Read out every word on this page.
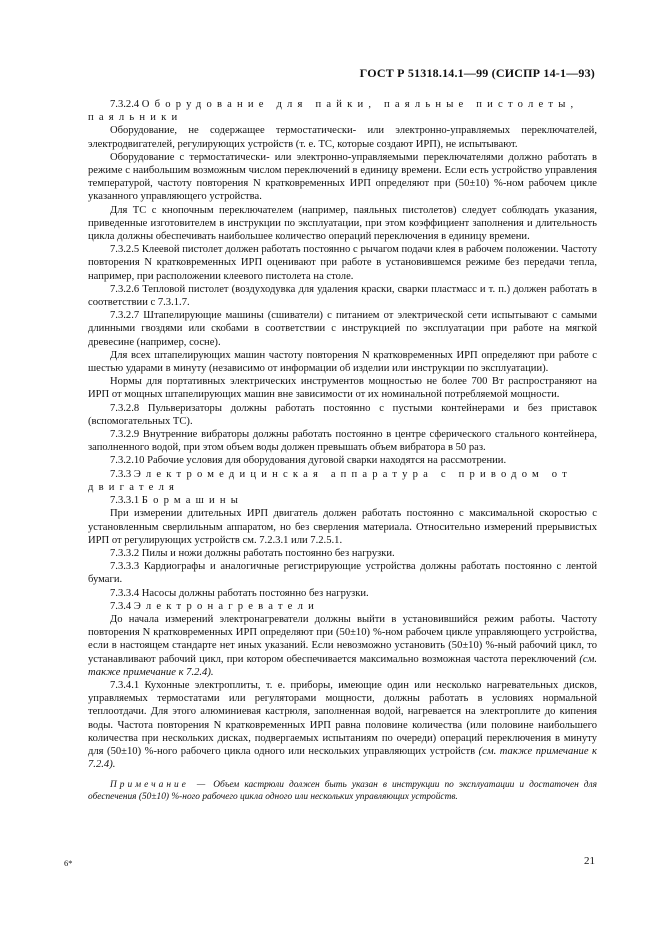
ГОСТ Р 51318.14.1—99 (СИСПР 14-1—93)

7.3.2.4 Оборудование для пайки, паяльные пистолеты, паяльники

Оборудование, не содержащее термостатически- или электронно-управляемых переключателей, электродвигателей, регулирующих устройств (т. е. ТС, которые создают ИРП), не испытывают.

Оборудование с термостатически- или электронно-управляемыми переключателями должно работать в режиме с наибольшим возможным числом переключений в единицу времени. Если есть устройство управления температурой, частоту повторения N кратковременных ИРП определяют при (50±10) %-ном рабочем цикле указанного управляющего устройства.

Для ТС с кнопочным переключателем (например, паяльных пистолетов) следует соблюдать указания, приведенные изготовителем в инструкции по эксплуатации, при этом коэффициент заполнения и длительность цикла должны обеспечивать наибольшее количество операций переключения в единицу времени.

7.3.2.5 Клеевой пистолет должен работать постоянно с рычагом подачи клея в рабочем положении. Частоту повторения N кратковременных ИРП оценивают при работе в установившемся режиме без передачи тепла, например, при расположении клеевого пистолета на столе.

7.3.2.6 Тепловой пистолет (воздуходувка для удаления краски, сварки пластмасс и т. п.) должен работать в соответствии с 7.3.1.7.

7.3.2.7 Штапелирующие машины (сшиватели) с питанием от электрической сети испытывают с самыми длинными гвоздями или скобами в соответствии с инструкцией по эксплуатации при работе на мягкой древесине (например, сосне).

Для всех штапелирующих машин частоту повторения N кратковременных ИРП определяют при работе с шестью ударами в минуту (независимо от информации об изделии или инструкции по эксплуатации).

Нормы для портативных электрических инструментов мощностью не более 700 Вт распространяют на ИРП от мощных штапелирующих машин вне зависимости от их номинальной потребляемой мощности.

7.3.2.8 Пульверизаторы должны работать постоянно с пустыми контейнерами и без приставок (вспомогательных ТС).

7.3.2.9 Внутренние вибраторы должны работать постоянно в центре сферического стального контейнера, заполненного водой, при этом объем воды должен превышать объем вибратора в 50 раз.

7.3.2.10 Рабочие условия для оборудования дуговой сварки находятся на рассмотрении.

7.3.3 Электромедицинская аппаратура с приводом от двигателя

7.3.3.1 Бормашины

При измерении длительных ИРП двигатель должен работать постоянно с максимальной скоростью с установленным сверлильным аппаратом, но без сверления материала. Относительно измерений прерывистых ИРП от регулирующих устройств см. 7.2.3.1 или 7.2.5.1.

7.3.3.2 Пилы и ножи должны работать постоянно без нагрузки.

7.3.3.3 Кардиографы и аналогичные регистрирующие устройства должны работать постоянно с лентой бумаги.

7.3.3.4 Насосы должны работать постоянно без нагрузки.

7.3.4 Электронагреватели

До начала измерений электронагреватели должны выйти в установившийся режим работы. Частоту повторения N кратковременных ИРП определяют при (50±10) %-ном рабочем цикле управляющего устройства, если в настоящем стандарте нет иных указаний. Если невозможно установить (50±10) %-ный рабочий цикл, то устанавливают рабочий цикл, при котором обеспечивается максимально возможная частота переключений (см. также примечание к 7.2.4).

7.3.4.1 Кухонные электроплиты, т. е. приборы, имеющие один или несколько нагревательных дисков, управляемых термостатами или регуляторами мощности, должны работать в условиях нормальной теплоотдачи. Для этого алюминиевая кастрюля, заполненная водой, нагревается на электроплите до кипения воды. Частота повторения N кратковременных ИРП равна половине количества (или половине наибольшего количества при нескольких дисках, подвергаемых испытаниям по очереди) операций переключения в минуту для (50±10) %-ного рабочего цикла одного или нескольких управляющих устройств (см. также примечание к 7.2.4).

Примечание — Объем кастрюли должен быть указан в инструкции по эксплуатации и достаточен для обеспечения (50±10) %-ного рабочего цикла одного или нескольких управляющих устройств.

6*	21
